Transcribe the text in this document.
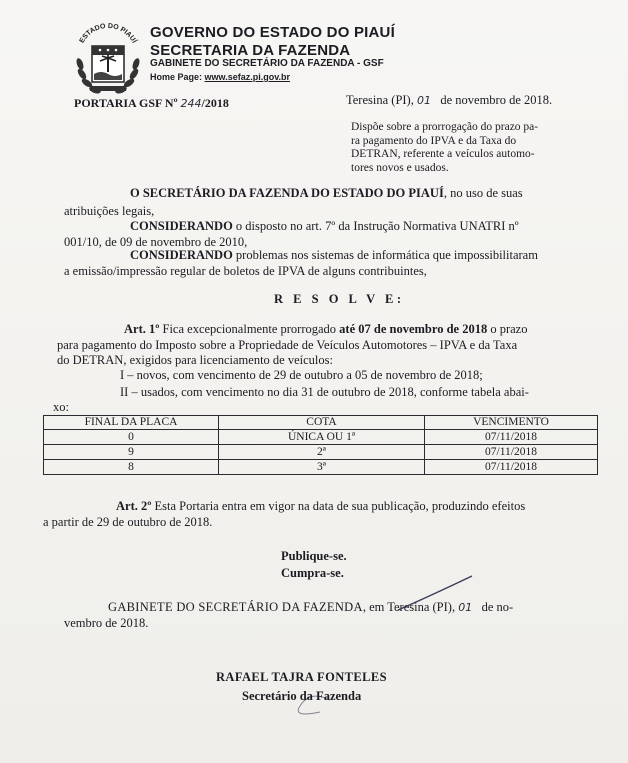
ESTADO DO PIAUÍ
GOVERNO DO ESTADO DO PIAUÍ
SECRETARIA DA FAZENDA
GABINETE DO SECRETÁRIO DA FAZENDA - GSF
Home Page: www.sefaz.pi.gov.br
PORTARIA GSF Nº 244/2018	Teresina (PI), 01 de novembro de 2018.
Dispõe sobre a prorrogação do prazo pa-
ra pagamento do IPVA e da Taxa do
DETRAN, referente a veículos automo-
tores novos e usados.
O SECRETÁRIO DA FAZENDA DO ESTADO DO PIAUÍ, no uso de suas
atribuições legais,
CONSIDERANDO o disposto no art. 7º da Instrução Normativa UNATRI nº
001/10, de 09 de novembro de 2010,
CONSIDERANDO problemas nos sistemas de informática que impossibilitaram
a emissão/impressão regular de boletos de IPVA de alguns contribuintes,
R E S O L V E:
Art. 1º Fica excepcionalmente prorrogado até 07 de novembro de 2018 o prazo
para pagamento do Imposto sobre a Propriedade de Veículos Automotores – IPVA e da Taxa
do DETRAN, exigidos para licenciamento de veículos:
I – novos, com vencimento de 29 de outubro a 05 de novembro de 2018;
II – usados, com vencimento no dia 31 de outubro de 2018, conforme tabela abai-
xo:
FINAL DA PLACA	COTA	VENCIMENTO
0	ÚNICA OU 1ª	07/11/2018
9	2ª	07/11/2018
8	3ª	07/11/2018
Art. 2º Esta Portaria entra em vigor na data de sua publicação, produzindo efeitos
a partir de 29 de outubro de 2018.
Publique-se.
Cumpra-se.
GABINETE DO SECRETÁRIO DA FAZENDA, em Teresina (PI), 01 de no-
vembro de 2018.
RAFAEL TAJRA FONTELES
Secretário da Fazenda
